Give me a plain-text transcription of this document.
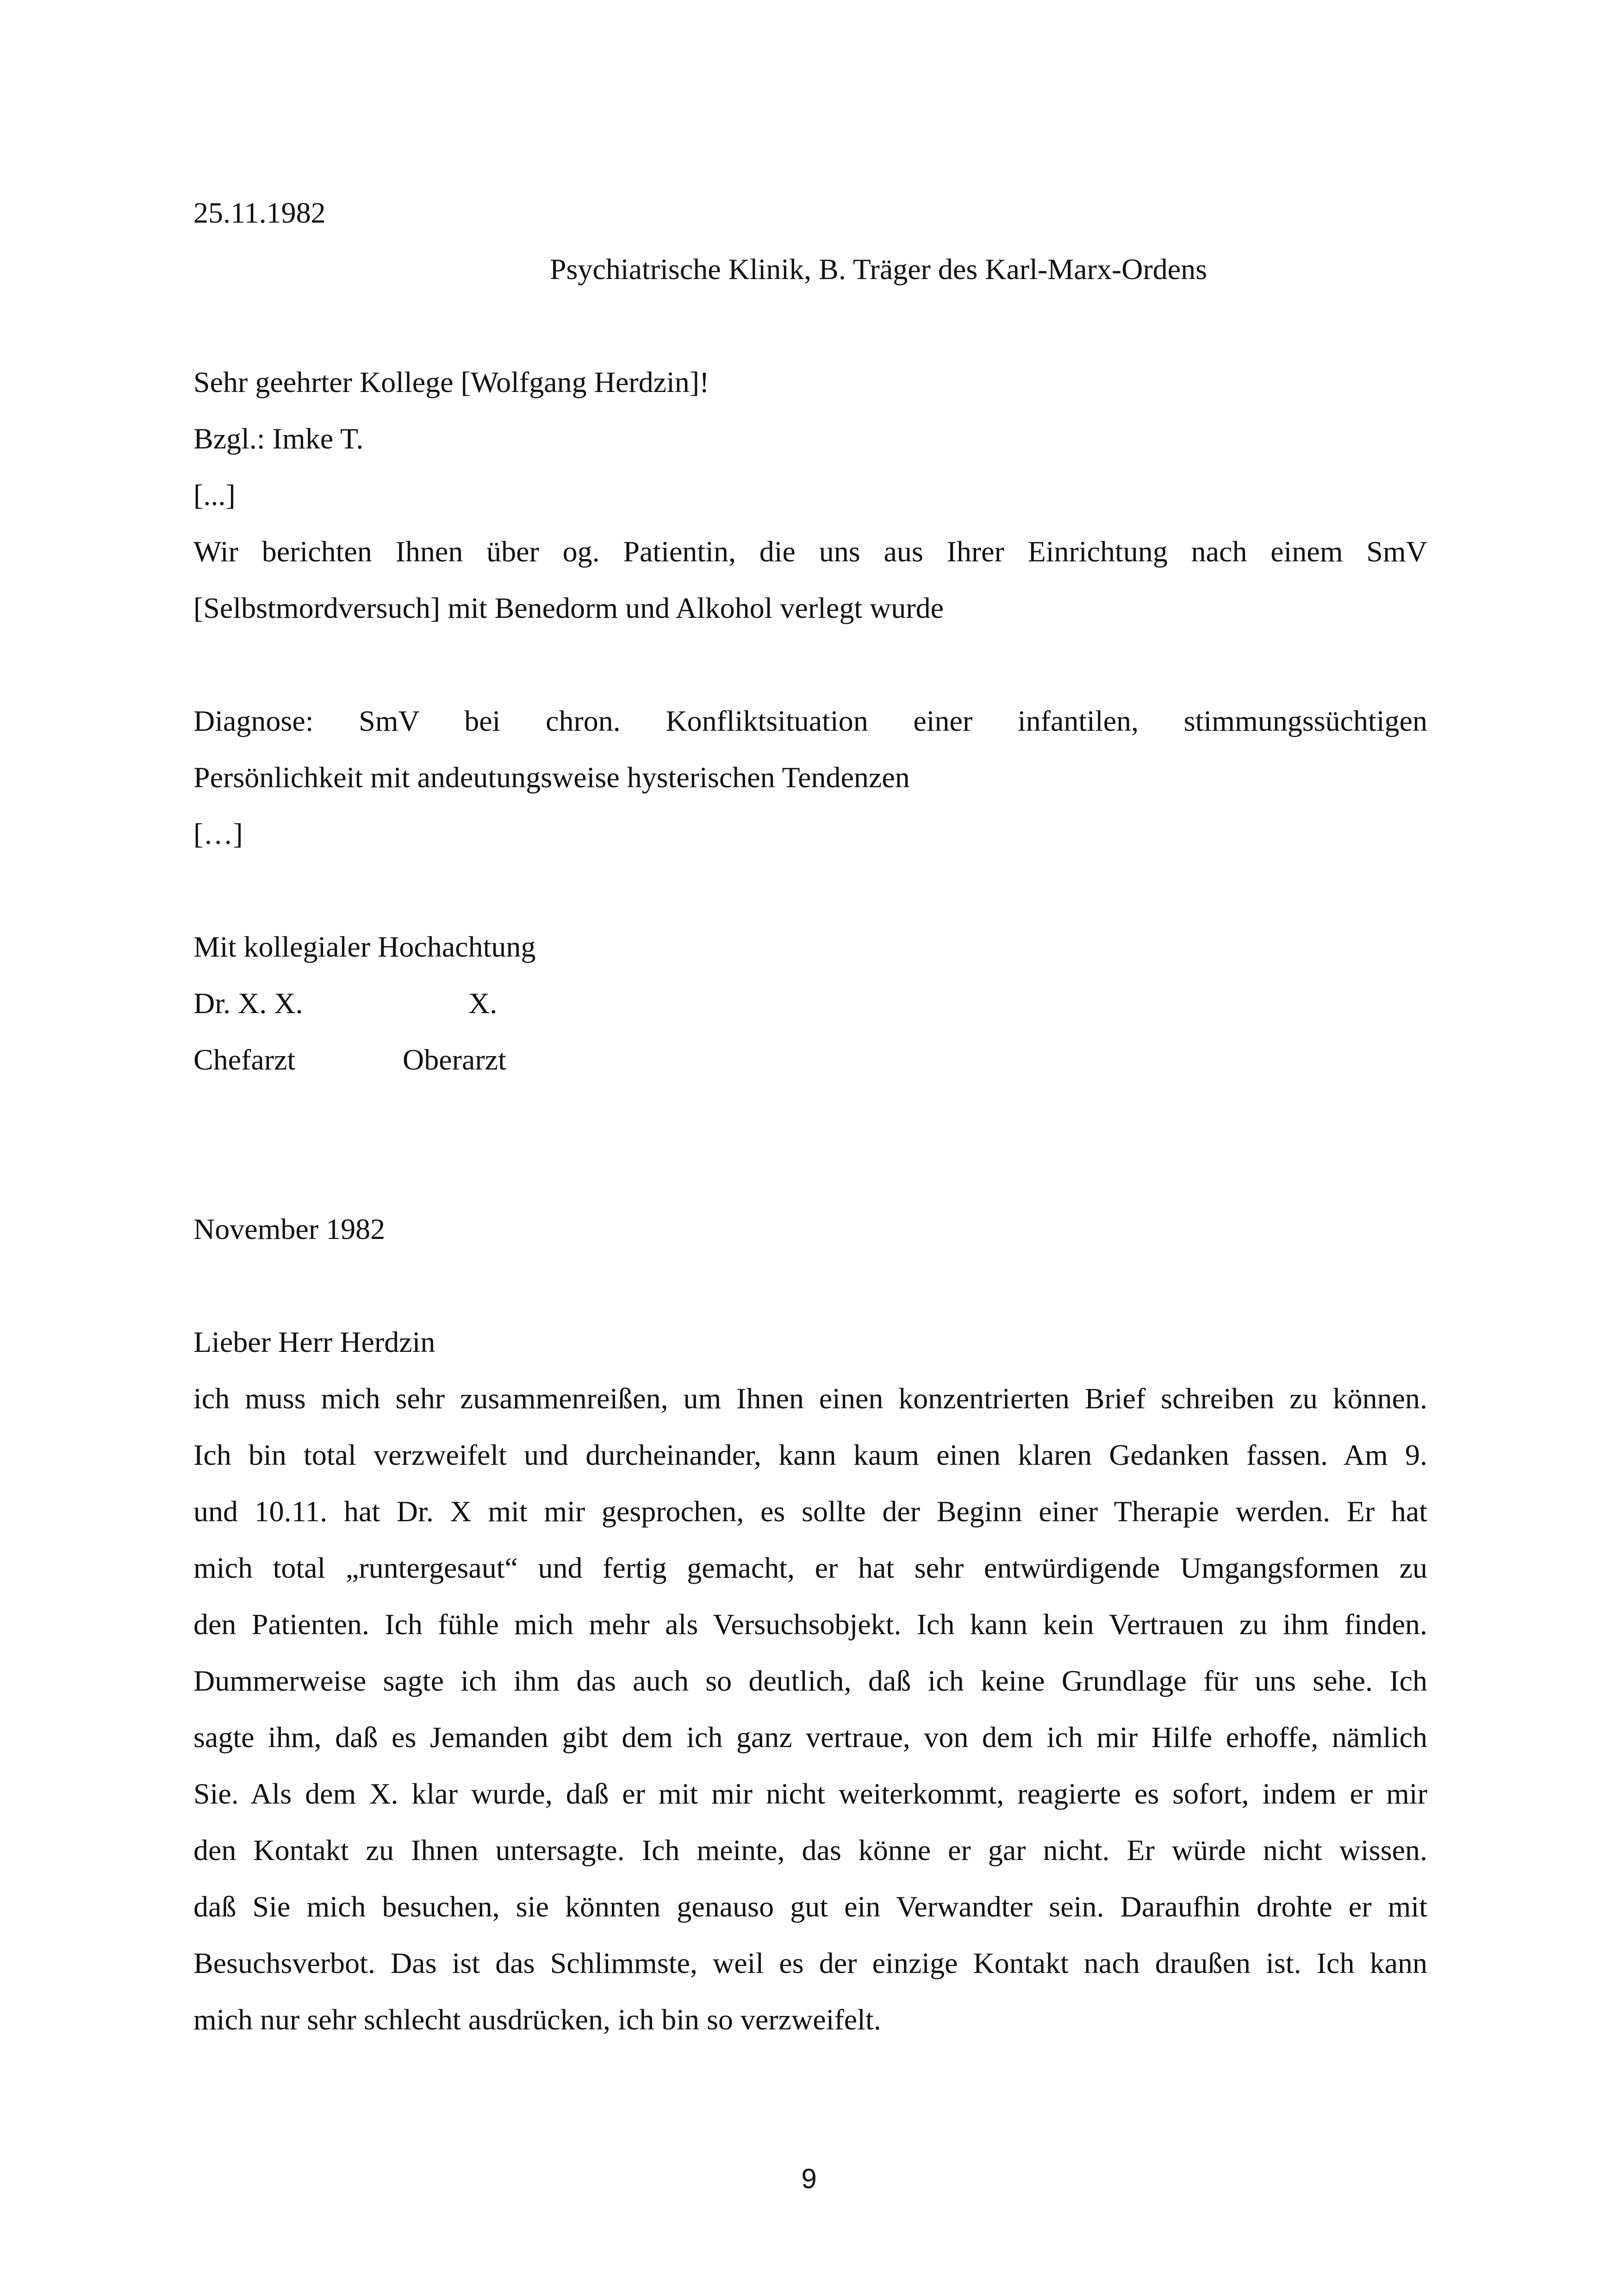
25.11.1982
Psychiatrische Klinik, B. Träger des Karl-Marx-Ordens
Sehr geehrter Kollege [Wolfgang Herdzin]!
Bzgl.: Imke T.
[...]
Wir berichten Ihnen über og. Patientin, die uns aus Ihrer Einrichtung nach einem SmV
[Selbstmordversuch] mit Benedorm und Alkohol verlegt wurde
Diagnose: SmV bei chron. Konfliktsituation einer infantilen, stimmungssüchtigen
Persönlichkeit mit andeutungsweise hysterischen Tendenzen
[…]
Mit kollegialer Hochachtung
Dr. X. X.	X.
Chefarzt	Oberarzt
November 1982
Lieber Herr Herdzin
ich muss mich sehr zusammenreißen, um Ihnen einen konzentrierten Brief schreiben zu können.
Ich bin total verzweifelt und durcheinander, kann kaum einen klaren Gedanken fassen. Am 9.
und 10.11. hat Dr. X mit mir gesprochen, es sollte der Beginn einer Therapie werden. Er hat
mich total „runtergesaut“ und fertig gemacht, er hat sehr entwürdigende Umgangsformen zu
den Patienten. Ich fühle mich mehr als Versuchsobjekt. Ich kann kein Vertrauen zu ihm finden.
Dummerweise sagte ich ihm das auch so deutlich, daß ich keine Grundlage für uns sehe. Ich
sagte ihm, daß es Jemanden gibt dem ich ganz vertraue, von dem ich mir Hilfe erhoffe, nämlich
Sie. Als dem X. klar wurde, daß er mit mir nicht weiterkommt, reagierte es sofort, indem er mir
den Kontakt zu Ihnen untersagte. Ich meinte, das könne er gar nicht. Er würde nicht wissen.
daß Sie mich besuchen, sie könnten genauso gut ein Verwandter sein. Daraufhin drohte er mit
Besuchsverbot. Das ist das Schlimmste, weil es der einzige Kontakt nach draußen ist. Ich kann
mich nur sehr schlecht ausdrücken, ich bin so verzweifelt.
9
